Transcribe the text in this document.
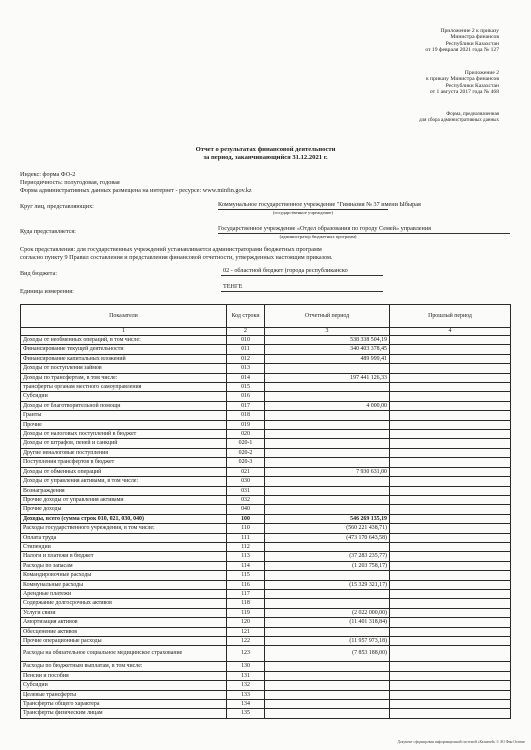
Приложение 2 к приказу
Министра финансов
Республики Казахстан
от 19 февраля 2021 года № 127
Приложение 2
к приказу Министра финансов
Республики Казахстан
от 1 августа 2017 года № 468
Форма, предназначенная
для сбора административных данных
Отчет о результатах финансовой деятельности
за период, заканчивающийся 31.12.2021 г.
Индекс: форма ФО-2
Периодичность: полугодовая, годовая
Форма административных данных размещена на интернет - ресурсе: www.minfin.gov.kz
Круг лиц, представляющих:	Коммунальное государственное учреждение "Гимназия № 37 имени Ыбырая
(государственное учреждение)
Куда представляется:	Государственное учреждение «Отдел образования по городу Семей» управления
(администратор бюджетных программ)
Срок представления: для государственных учреждений устанавливается администраторами бюджетных программ
согласно пункту 9 Правил составления и представления финансовой отчетности, утвержденных настоящим приказом.
Вид бюджета:	02 - областной бюджет (города республиканско
Единица измерения:
ТЕНГЕ
Показатели	Код строки	Отчетный период	Прошлый период
1	2	3	4
Доходы от необменных операций, в том числе:	010	538 338 504,19	
Финансирование текущей деятельности	011	340 403 378,45	
Финансирование капитальных вложений	012	489 999,41	
Доходы от поступления займов	013		
Доходы по трансфертам, в том числе:	014	197 441 126,33	
трансферты органам местного самоуправления	015		
Субсидии	016		
Доходы от благотворительной помощи	017	4 000,00	
Гранты	018		
Прочие	019		
Доходы от налоговых поступлений в бюджет	020		
Доходы от штрафов, пеней и санкций	020-1		
Другие неналоговые поступления	020-2		
Поступления трансфертов в бюджет	020-3		
Доходы от обменных операций	021	7 930 631,00	
Доходы от управления активами, в том числе:	030		
Вознаграждения	031		
Прочие доходы от управления активами	032		
Прочие доходы	040		
Доходы, всего (сумма строк 010, 021, 030, 040)	100	546 269 135,19	
Расходы государственного учреждения, в том числе:	110	(560 221 438,71)	
Оплата труда	111	(473 170 643,58)	
Стипендии	112		
Налоги и платежи в бюджет	113	(37 283 235,77)	
Расходы по запасам	114	(1 203 758,17)	
Командировочные расходы	115		
Коммунальные расходы	116	(15 329 321,17)	
Арендные платежи	117		
Содержание долгосрочных активов	118		
Услуги связи	119	(2 022 000,00)	
Амортизация активов	120	(11 401 318,84)	
Обесценение активов	121		
Прочие операционные расходы	122	(11 957 973,18)	
Расходы на обязательное социальное медицинское страхование	123	(7 853 188,00)	
Расходы по бюджетным выплатам, в том числе:	130		
Пенсии и пособия	131		
Субсидии	132		
Целевые трансферты	133		
Трансферты общего характера	134		
Трансферты физическим лицам	135		
Документ сформирован информационной системой «Казначей» © АО Фин Охтиме
